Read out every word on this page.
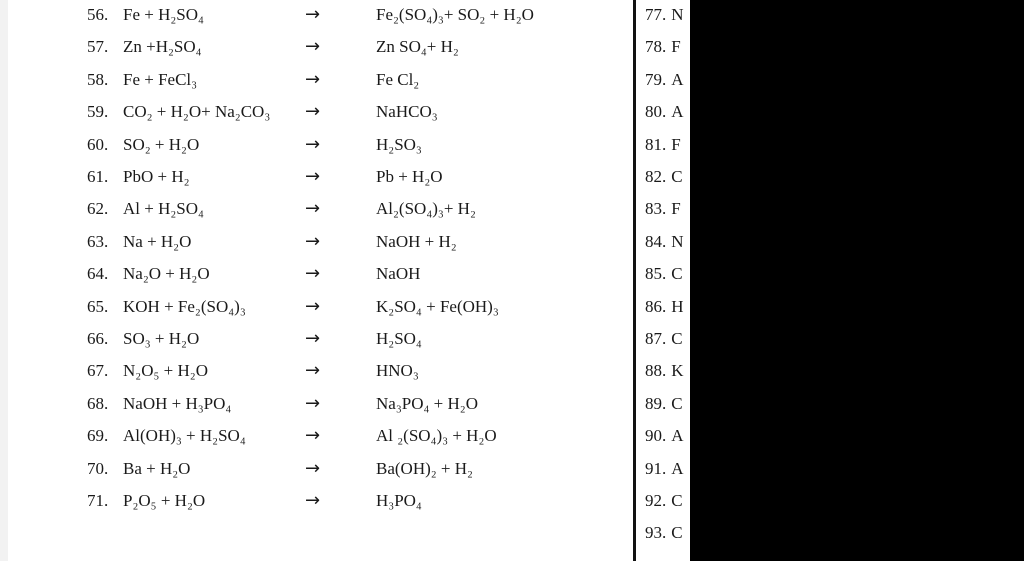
56. Fe + H₂SO₄	→	Fe₂(SO₄)₃+ SO₂ + H₂O
57. Zn +H₂SO₄	→	Zn SO₄+ H₂
58. Fe + FeCl₃	→	Fe Cl₂
59. CO₂ + H₂O+ Na₂CO₃ →	NaHCO₃
60. SO₂ + H₂O	→	H₂SO₃
61. PbO + H₂	→	Pb + H₂O
62. Al + H₂SO₄	→	Al₂(SO₄)₃+ H₂
63. Na + H₂O	→	NaOH + H₂
64. Na₂O + H₂O	→	NaOH
65. KOH + Fe₂(SO₄)₃	→	K₂SO₄ + Fe(OH)₃
66. SO₃ + H₂O	→	H₂SO₄
67. N₂O₅ + H₂O	→	HNO₃
68. NaOH + H₃PO₄	→	Na₃PO₄ + H₂O
69. Al(OH)₃ + H₂SO₄	→	Al ₂(SO₄)₃ + H₂O
70. Ba + H₂O	→	Ba(OH)₂ + H₂
71. P₂O₅ + H₂O	→	H₃PO₄
77. N
78. F
79. A
80. A
81. F
82. C
83. F
84. N
85. C
86. H
87. C
88. K
89. C
90. A
91. A
92. C
93. C
